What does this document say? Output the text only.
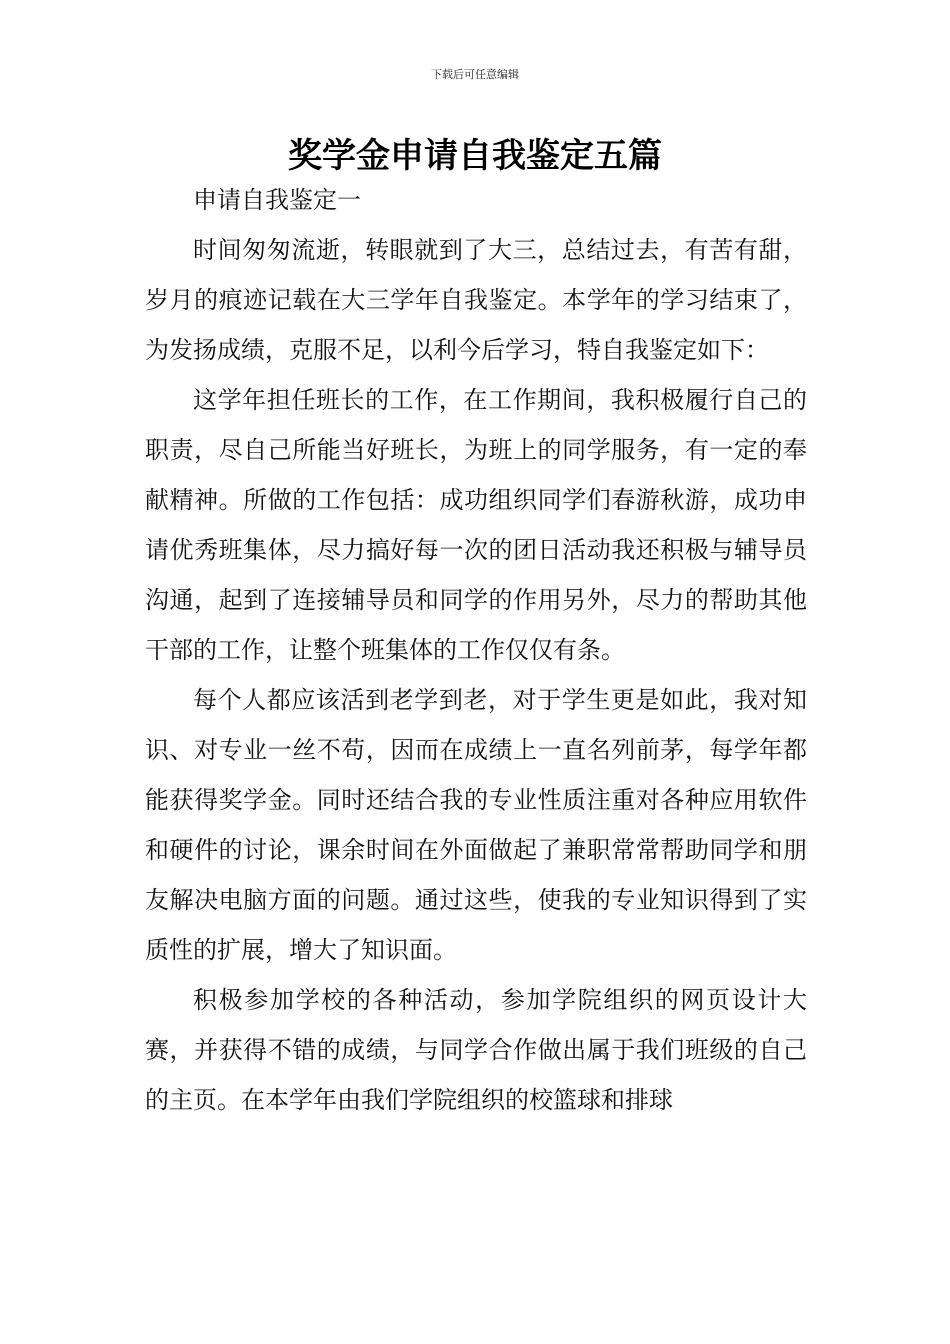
下载后可任意编辑
奖学金申请自我鉴定五篇

申请自我鉴定一

时间匆匆流逝，转眼就到了大三，总结过去，有苦有甜，岁月的痕迹记载在大三学年自我鉴定。本学年的学习结束了，为发扬成绩，克服不足，以利今后学习，特自我鉴定如下：

这学年担任班长的工作，在工作期间，我积极履行自己的职责，尽自己所能当好班长，为班上的同学服务，有一定的奉献精神。所做的工作包括：成功组织同学们春游秋游，成功申请优秀班集体，尽力搞好每一次的团日活动我还积极与辅导员沟通，起到了连接辅导员和同学的作用另外，尽力的帮助其他干部的工作，让整个班集体的工作仅仅有条。

每个人都应该活到老学到老，对于学生更是如此，我对知识、对专业一丝不苟，因而在成绩上一直名列前茅，每学年都能获得奖学金。同时还结合我的专业性质注重对各种应用软件和硬件的讨论，课余时间在外面做起了兼职常常帮助同学和朋友解决电脑方面的问题。通过这些，使我的专业知识得到了实质性的扩展，增大了知识面。

积极参加学校的各种活动，参加学院组织的网页设计大赛，并获得不错的成绩，与同学合作做出属于我们班级的自己的主页。在本学年由我们学院组织的校篮球和排球
